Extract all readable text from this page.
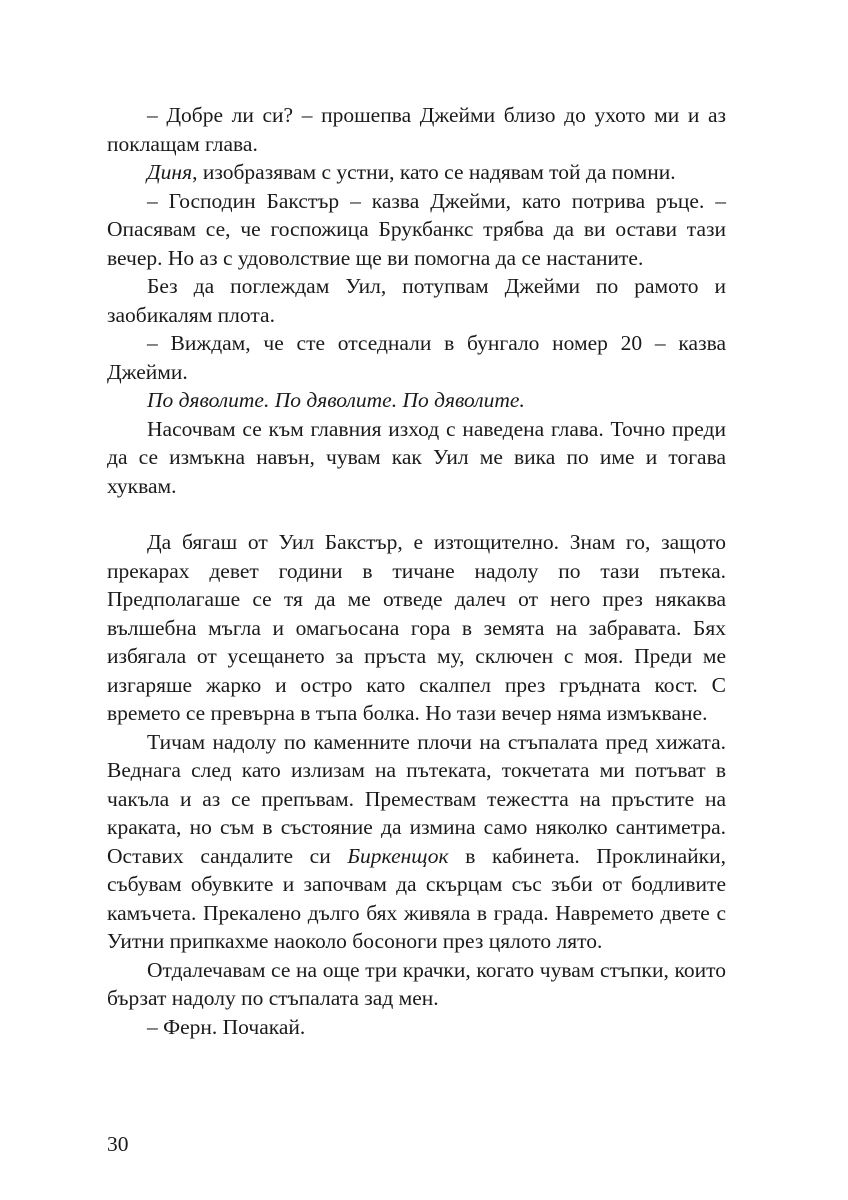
– Добре ли си? – прошепва Джейми близо до ухото ми и аз поклащам глава.

Диня, изобразявам с устни, като се надявам той да помни.

– Господин Бакстър – казва Джейми, като потрива ръце. – Опасявам се, че госпожица Брукбанкс трябва да ви остави тази вечер. Но аз с удоволствие ще ви помогна да се настаните.

Без да поглеждам Уил, потупвам Джейми по рамото и заобикалям плота.

– Виждам, че сте отседнали в бунгало номер 20 – казва Джейми.

По дяволите. По дяволите. По дяволите.

Насочвам се към главния изход с наведена глава. Точно преди да се измъкна навън, чувам как Уил ме вика по име и тогава хуквам.

Да бягаш от Уил Бакстър, е изтощително. Знам го, защото прекарах девет години в тичане надолу по тази пътека. Предполагаше се тя да ме отведе далеч от него през някаква вълшебна мъгла и омагьосана гора в земята на забравата. Бях избягала от усещането за пръста му, сключен с моя. Преди ме изгаряше жарко и остро като скалпел през гръдната кост. С времето се превърна в тъпа болка. Но тази вечер няма измъкване.

Тичам надолу по каменните плочи на стъпалата пред хижата. Веднага след като излизам на пътеката, токчетата ми потъват в чакъла и аз се препъвам. Премествам тежестта на пръстите на краката, но съм в състояние да измина само няколко сантиметра. Оставих сандалите си Биркенщок в кабинета. Проклинайки, събувам обувките и започвам да скърцам със зъби от бодливите камъчета. Прекалено дълго бях живяла в града. Навремето двете с Уитни припкахме наоколо босоноги през цялото лято.

Отдалечавам се на още три крачки, когато чувам стъпки, които бързат надолу по стъпалата зад мен.

– Ферн. Почакай.

30
